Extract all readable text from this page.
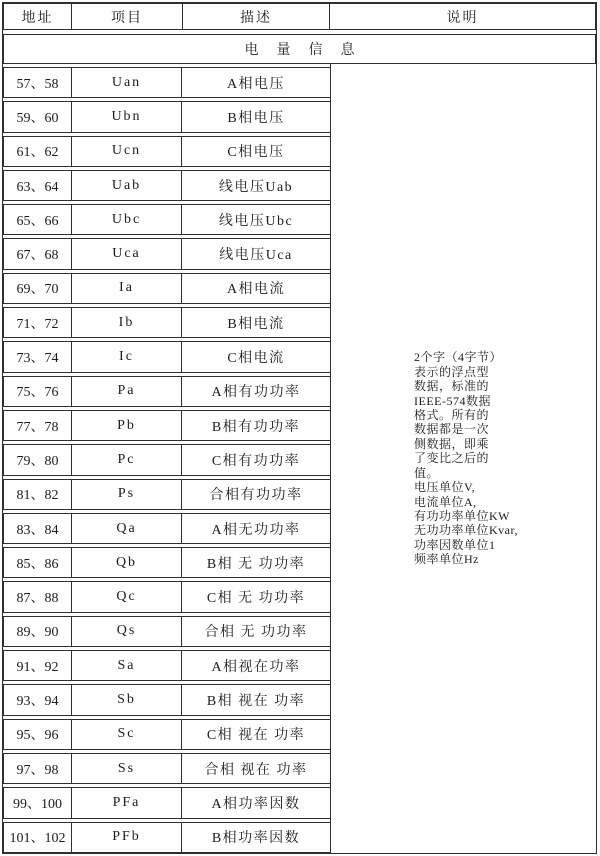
地址	项目	描述	说明
电量信息
57、58	Uan	A相电压
59、60	Ubn	B相电压
61、62	Ucn	C相电压
63、64	Uab	线电压Uab
65、66	Ubc	线电压Ubc
67、68	Uca	线电压Uca
69、70	Ia	A相电流
71、72	Ib	B相电流
73、74	Ic	C相电流
75、76	Pa	A相有功功率
77、78	Pb	B相有功功率
79、80	Pc	C相有功功率
81、82	Ps	合相有功功率
83、84	Qa	A相无功功率
85、86	Qb	B相 无 功功率
87、88	Qc	C相 无 功功率
89、90	Qs	合相 无 功功率
91、92	Sa	A相视在功率
93、94	Sb	B相 视在 功率
95、96	Sc	C相 视在 功率
97、98	Ss	合相 视在 功率
99、100	PFa	A相功率因数
101、102	PFb	B相功率因数
2个字（4字节）
表示的浮点型
数据，标准的
IEEE-574数据
格式。所有的
数据都是一次
侧数据，即乘
了变比之后的
值。
电压单位V,
电流单位A,
有功功率单位KW
无功功率单位Kvar,
功率因数单位1
频率单位Hz
